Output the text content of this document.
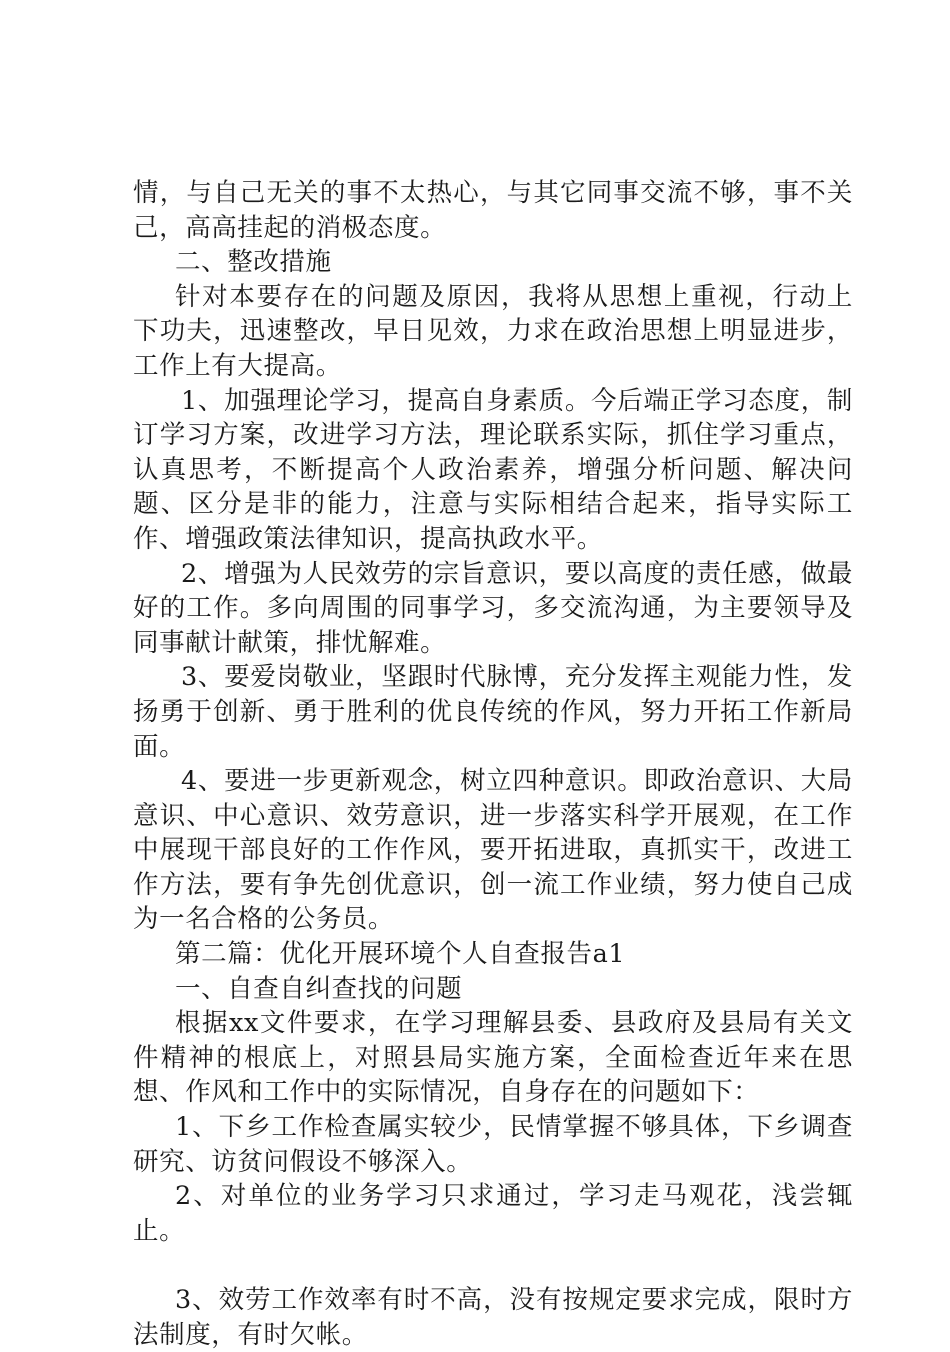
情，与自己无关的事不太热心，与其它同事交流不够，事不关己，高高挂起的消极态度。

二、整改措施

针对本要存在的问题及原因，我将从思想上重视，行动上下功夫，迅速整改，早日见效，力求在政治思想上明显进步，工作上有大提高。

1、加强理论学习，提高自身素质。今后端正学习态度，制订学习方案，改进学习方法，理论联系实际，抓住学习重点，认真思考，不断提高个人政治素养，增强分析问题、解决问题、区分是非的能力，注意与实际相结合起来，指导实际工作、增强政策法律知识，提高执政水平。

2、增强为人民效劳的宗旨意识，要以高度的责任感，做最好的工作。多向周围的同事学习，多交流沟通，为主要领导及同事献计献策，排忧解难。

3、要爱岗敬业，坚跟时代脉博，充分发挥主观能力性，发扬勇于创新、勇于胜利的优良传统的作风，努力开拓工作新局面。

4、要进一步更新观念，树立四种意识。即政治意识、大局意识、中心意识、效劳意识，进一步落实科学开展观，在工作中展现干部良好的工作作风，要开拓进取，真抓实干，改进工作方法，要有争先创优意识，创一流工作业绩，努力使自己成为一名合格的公务员。

第二篇：优化开展环境个人自查报告a1

一、自查自纠查找的问题

根据xx文件要求，在学习理解县委、县政府及县局有关文件精神的根底上，对照县局实施方案，全面检查近年来在思想、作风和工作中的实际情况，自身存在的问题如下：

1、下乡工作检查属实较少，民情掌握不够具体，下乡调查研究、访贫问假设不够深入。

2、对单位的业务学习只求通过，学习走马观花，浅尝辄止。

3、效劳工作效率有时不高，没有按规定要求完成，限时方法制度，有时欠帐。
